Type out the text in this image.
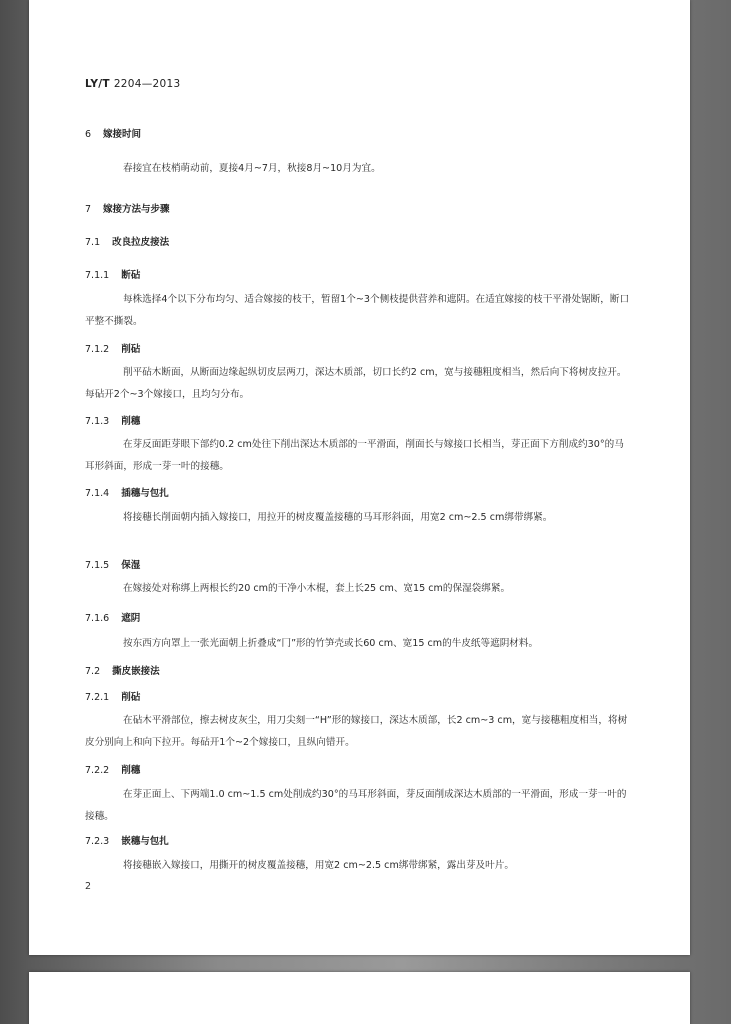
LY/T 2204—2013
6 嫁接时间

春接宜在枝梢萌动前，夏接4月~7月，秋接8月~10月为宜。

7 嫁接方法与步骤
7.1 改良拉皮接法
7.1.1 断砧

每株选择4个以下分布均匀、适合嫁接的枝干，暂留1个~3个侧枝提供营养和遮阴。在适宜嫁接的枝干平滑处锯断，断口平整不撕裂。

7.1.2 削砧

削平砧木断面，从断面边缘起纵切皮层两刀，深达木质部，切口长约2 cm，宽与接穗粗度相当，然后向下将树皮拉开。每砧开2个~3个嫁接口，且均匀分布。

7.1.3 削穗

在芽反面距芽眼下部约0.2 cm处往下削出深达木质部的一平滑面，削面长与嫁接口长相当，芽正面下方削成约30°的马耳形斜面，形成一芽一叶的接穗。

7.1.4 插穗与包扎

将接穗长削面朝内插入嫁接口，用拉开的树皮覆盖接穗的马耳形斜面，用宽2 cm~2.5 cm绑带绑紧。

7.1.5 保湿

在嫁接处对称绑上两根长约20 cm的干净小木棍，套上长25 cm、宽15 cm的保湿袋绑紧。

7.1.6 遮阴

按东西方向罩上一张光面朝上折叠成“冂”形的竹笋壳或长60 cm、宽15 cm的牛皮纸等遮阴材料。

7.2 撕皮嵌接法
7.2.1 削砧

在砧木平滑部位，擦去树皮灰尘，用刀尖刻一“H”形的嫁接口，深达木质部，长2 cm~3 cm，宽与接穗粗度相当，将树皮分别向上和向下拉开。每砧开1个~2个嫁接口，且纵向错开。

7.2.2 削穗

在芽正面上、下两端1.0 cm~1.5 cm处削成约30°的马耳形斜面，芽反面削成深达木质部的一平滑面，形成一芽一叶的接穗。

7.2.3 嵌穗与包扎

将接穗嵌入嫁接口，用撕开的树皮覆盖接穗，用宽2 cm~2.5 cm绑带绑紧，露出芽及叶片。

2
